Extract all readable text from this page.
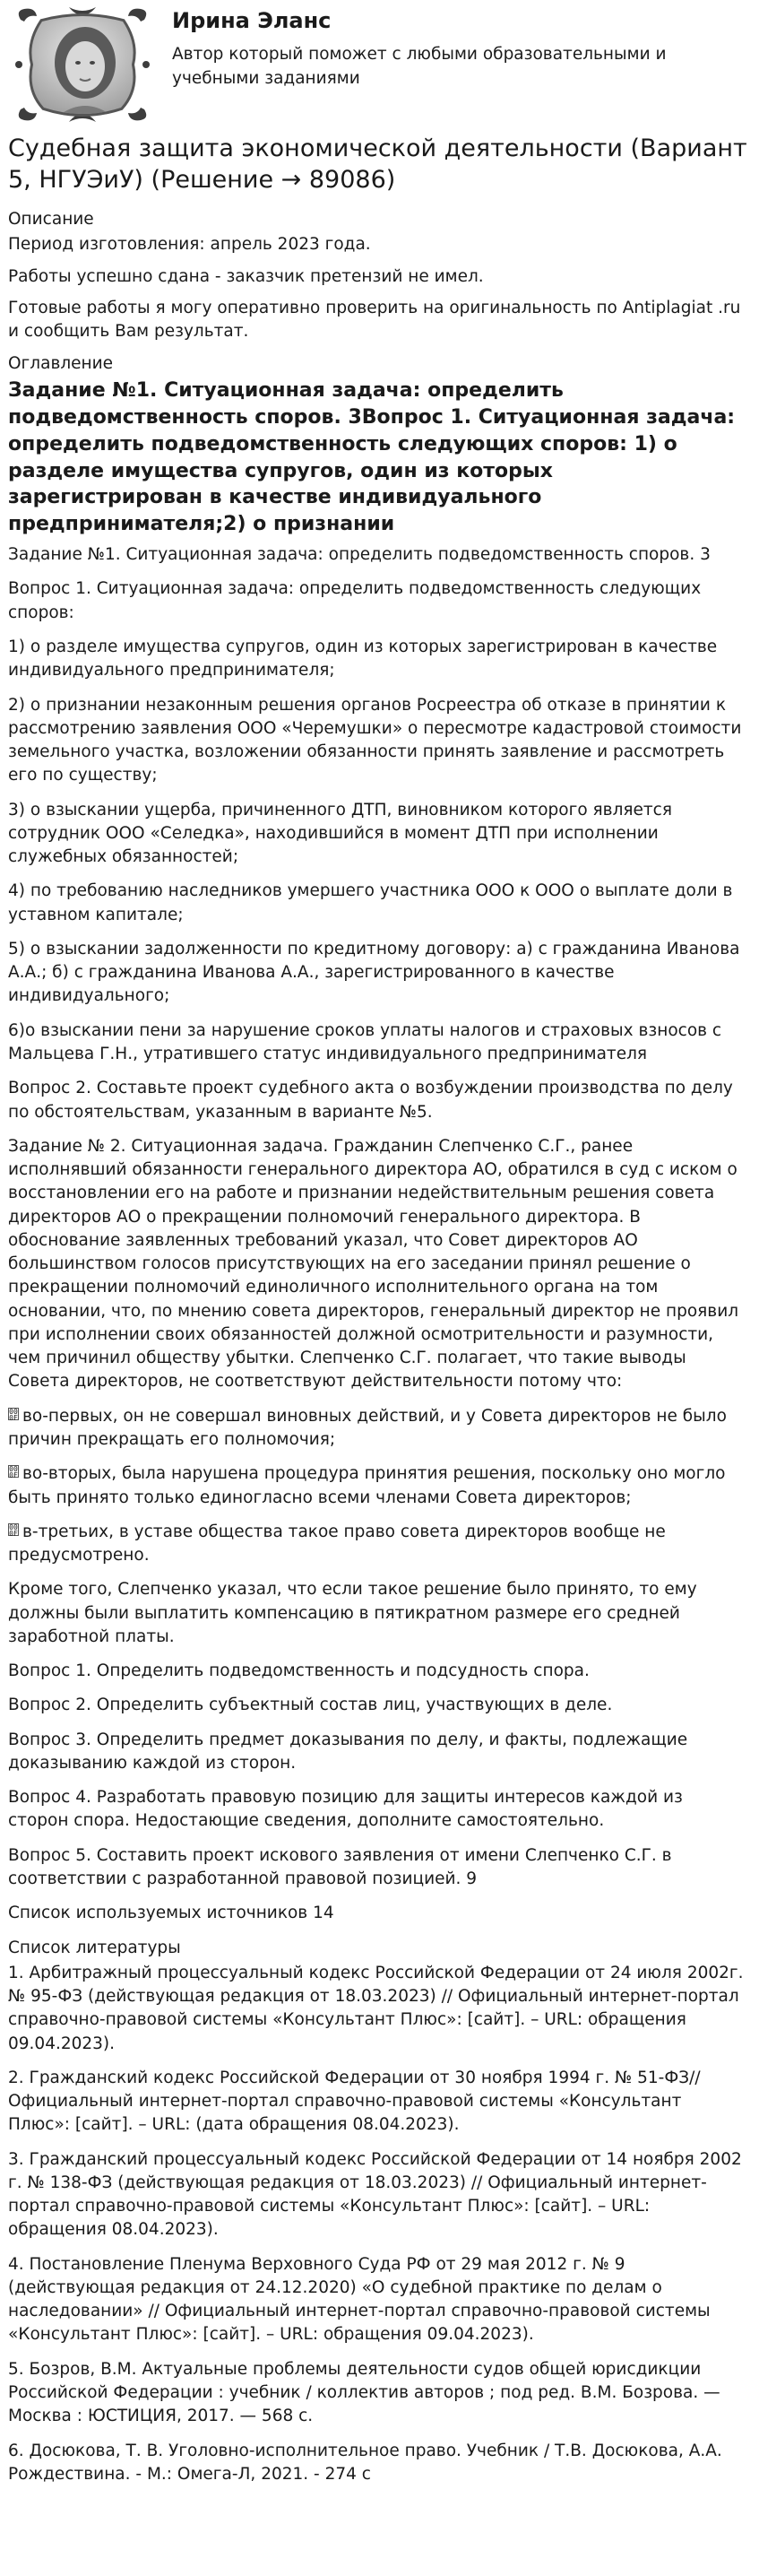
Ирина Эланс
Автор который поможет с любыми образовательными и учебными заданиями
Судебная защита экономической деятельности (Вариант 5, НГУЭиУ) (Решение → 89086)
Описание
Период изготовления: апрель 2023 года.
Работы успешно сдана - заказчик претензий не имел.
Готовые работы я могу оперативно проверить на оригинальность по Antiplagiat .ru и сообщить Вам результат.
Оглавление
Задание №1. Ситуационная задача: определить подведомственность споров. 3Вопрос 1. Ситуационная задача: определить подведомственность следующих споров: 1) о разделе имущества супругов, один из которых зарегистрирован в качестве индивидуального предпринимателя;2) о признании
Задание №1. Ситуационная задача: определить подведомственность споров. 3
Вопрос 1. Ситуационная задача: определить подведомственность следующих споров:
1) о разделе имущества супругов, один из которых зарегистрирован в качестве индивидуального предпринимателя;
2) о признании незаконным решения органов Росреестра об отказе в принятии к рассмотрению заявления ООО «Черемушки» о пересмотре кадастровой стоимости земельного участка, возложении обязанности принять заявление и рассмотреть его по существу;
3) о взыскании ущерба, причиненного ДТП, виновником которого является сотрудник ООО «Селедка», находившийся в момент ДТП при исполнении служебных обязанностей;
4) по требованию наследников умершего участника ООО к ООО о выплате доли в уставном капитале;
5) о взыскании задолженности по кредитному договору: а) с гражданина Иванова А.А.; б) с гражданина Иванова А.А., зарегистрированного в качестве индивидуального;
6)о взыскании пени за нарушение сроков уплаты налогов и страховых взносов с Мальцева Г.Н., утратившего статус индивидуального предпринимателя
Вопрос 2. Составьте проект судебного акта о возбуждении производства по делу по обстоятельствам, указанным в варианте №5.
Задание № 2. Ситуационная задача. Гражданин Слепченко С.Г., ранее исполнявший обязанности генерального директора АО, обратился в суд с иском о восстановлении его на работе и признании недействительным решения совета директоров АО о прекращении полномочий генерального директора. В обоснование заявленных требований указал, что Совет директоров АО большинством голосов присутствующих на его заседании принял решение о прекращении полномочий единоличного исполнительного органа на том основании, что, по мнению совета директоров, генеральный директор не проявил при исполнении своих обязанностей должной осмотрительности и разумности, чем причинил обществу убытки. Слепченко С.Г. полагает, что такие выводы Совета директоров, не соответствуют действительности потому что:
00 0F во-первых, он не совершал виновных действий, и у Совета директоров не было причин прекращать его полномочия;
00 0F во-вторых, была нарушена процедура принятия решения, поскольку оно могло быть принято только единогласно всеми членами Совета директоров;
00 0F в-третьих, в уставе общества такое право совета директоров вообще не предусмотрено.
Кроме того, Слепченко указал, что если такое решение было принято, то ему должны были выплатить компенсацию в пятикратном размере его средней заработной платы.
Вопрос 1. Определить подведомственность и подсудность спора.
Вопрос 2. Определить субъектный состав лиц, участвующих в деле.
Вопрос 3. Определить предмет доказывания по делу, и факты, подлежащие доказыванию каждой из сторон.
Вопрос 4. Разработать правовую позицию для защиты интересов каждой из сторон спора. Недостающие сведения, дополните самостоятельно.
Вопрос 5. Составить проект искового заявления от имени Слепченко С.Г. в соответствии с разработанной правовой позицией. 9
Список используемых источников 14
Список литературы
1. Арбитражный процессуальный кодекс Российской Федерации от 24 июля 2002г. № 95-ФЗ (действующая редакция от 18.03.2023) // Официальный интернет-портал справочно-правовой системы «Консультант Плюс»: [сайт]. – URL: обращения 09.04.2023).
2. Гражданский кодекс Российской Федерации от 30 ноября 1994 г. № 51-ФЗ// Официальный интернет-портал справочно-правовой системы «Консультант Плюс»: [сайт]. – URL: (дата обращения 08.04.2023).
3. Гражданский процессуальный кодекс Российской Федерации от 14 ноября 2002 г. № 138-ФЗ (действующая редакция от 18.03.2023) // Официальный интернет-портал справочно-правовой системы «Консультант Плюс»: [сайт]. – URL: обращения 08.04.2023).
4. Постановление Пленума Верховного Суда РФ от 29 мая 2012 г. № 9 (действующая редакция от 24.12.2020) «О судебной практике по делам о наследовании» // Официальный интернет-портал справочно-правовой системы «Консультант Плюс»: [сайт]. – URL: обращения 09.04.2023).
5. Бозров, В.М. Актуальные проблемы деятельности судов общей юрисдикции Российской Федерации : учебник / коллектив авторов ; под ред. В.М. Бозрова. — Москва : ЮСТИЦИЯ, 2017. — 568 с.
6. Досюкова, Т. В. Уголовно-исполнительное право. Учебник / Т.В. Досюкова, А.А. Рождествина. - М.: Омега-Л, 2021. - 274 с
